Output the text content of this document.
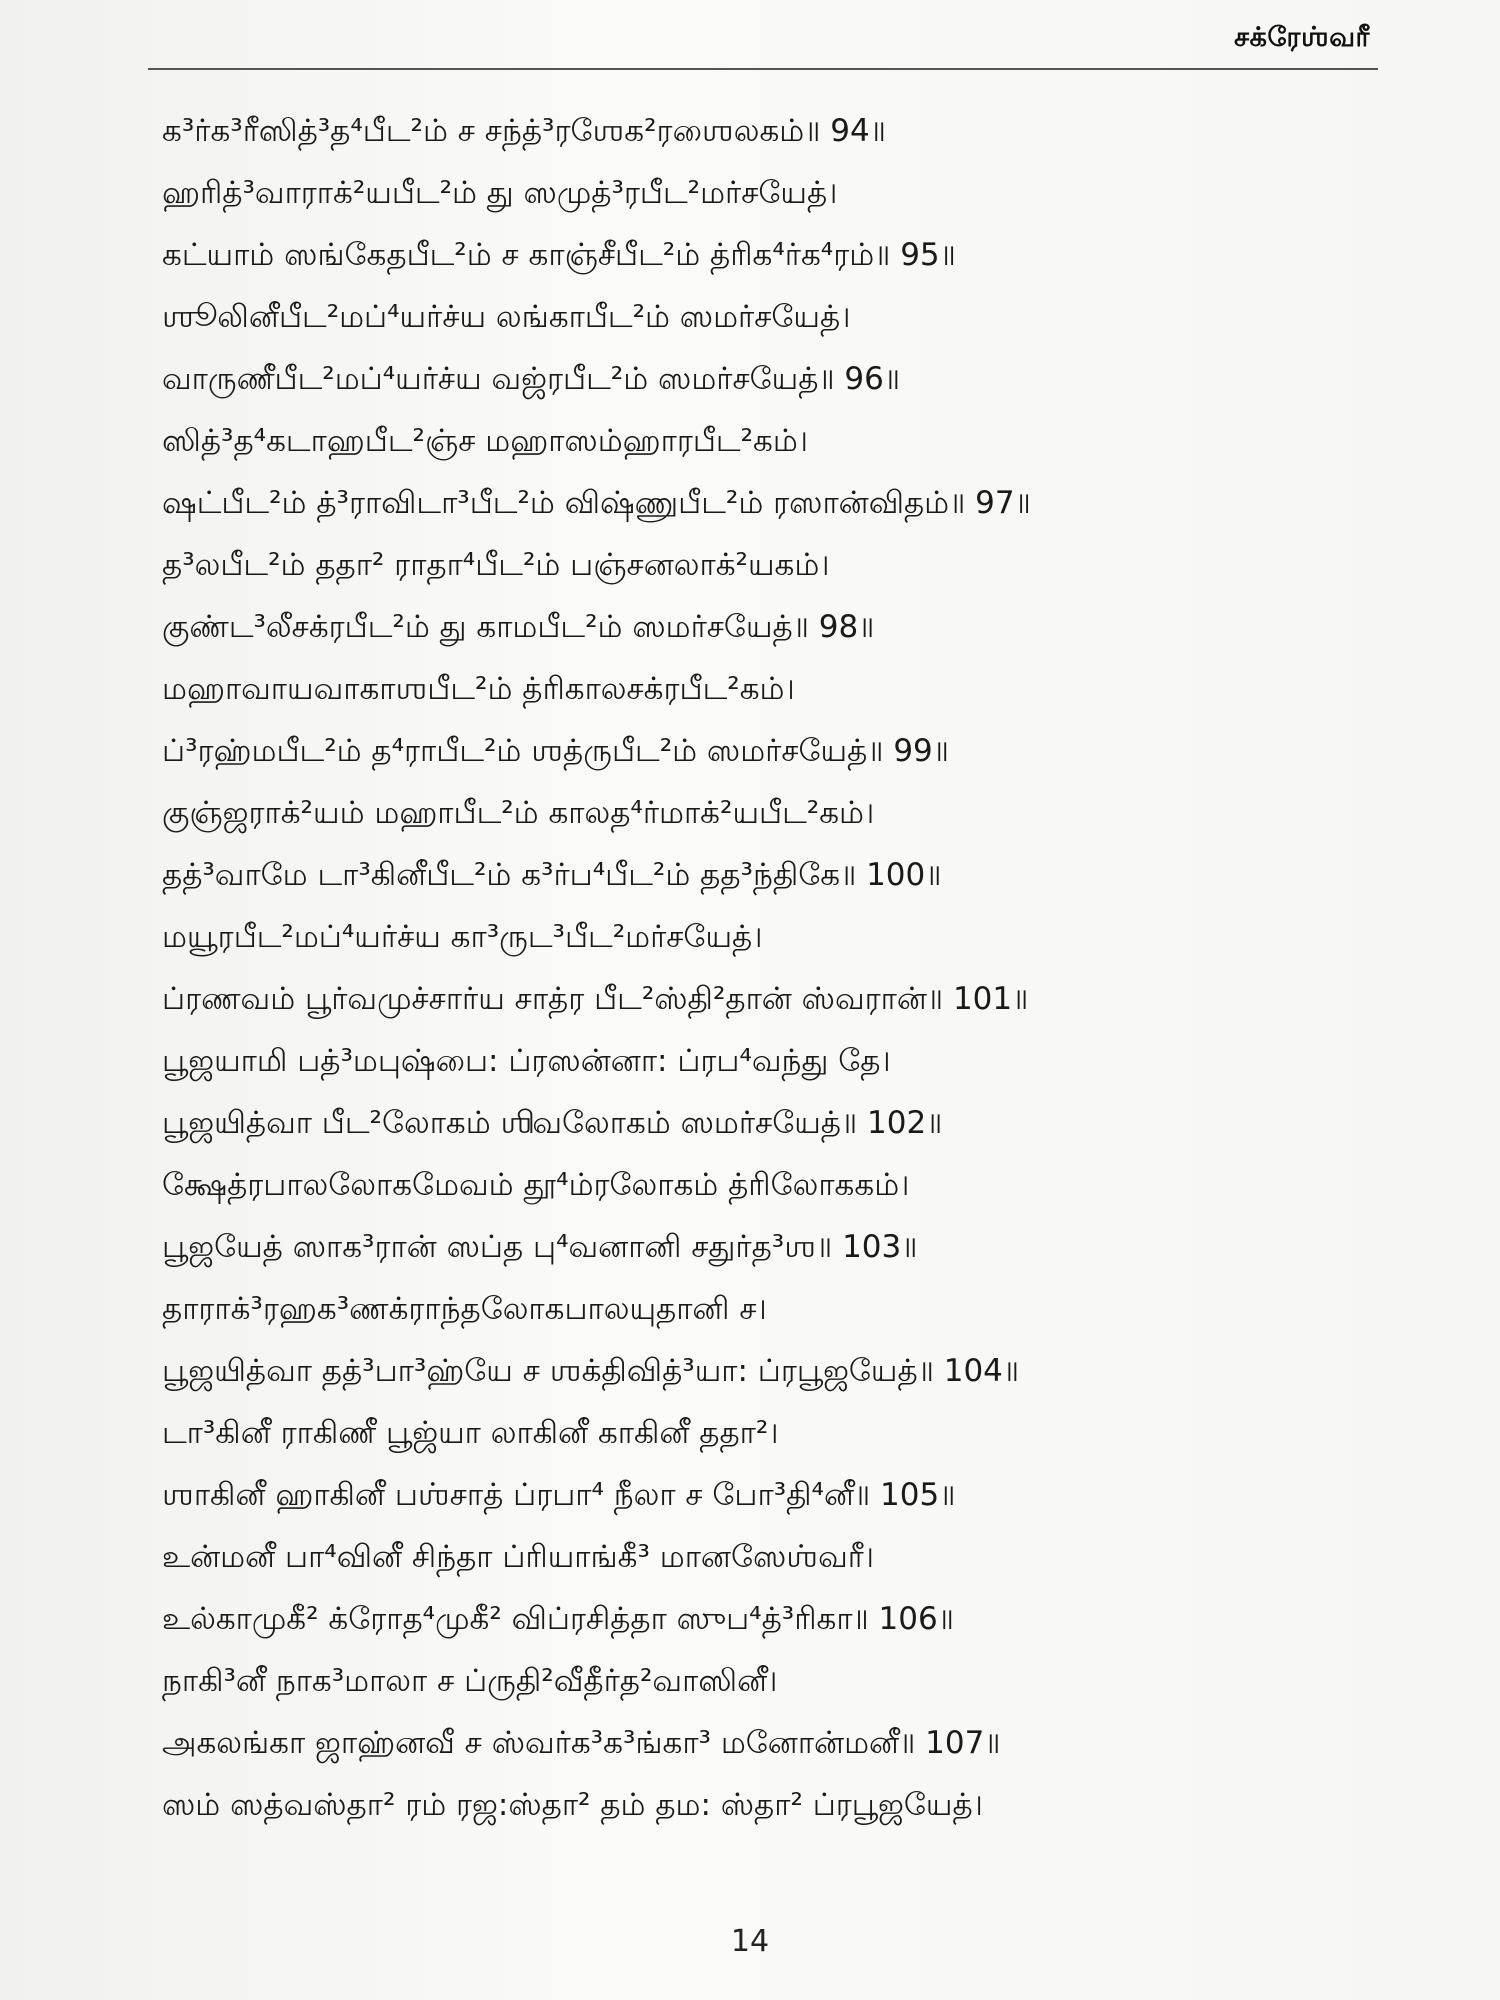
சக்ரேஶ்வரீ
க³ர்க³ரீஸித்³த⁴பீட²ம் ச சந்த்³ரஶேக²ரஶைலகம்॥ 94॥
ஹரித்³வாராக்²யபீட²ம் து ஸமுத்³ரபீட²மர்சயேத்।
கட்யாம் ஸங்கேதபீட²ம் ச காஞ்சீபீட²ம் த்ரிக⁴ர்க⁴ரம்॥ 95॥
ஶூலினீபீட²மப்⁴யர்ச்ய லங்காபீட²ம் ஸமர்சயேத்।
வாருணீபீட²மப்⁴யர்ச்ய வஜ்ரபீட²ம் ஸமர்சயேத்॥ 96॥
ஸித்³த⁴கடாஹபீட²ஞ்ச மஹாஸம்ஹாரபீட²கம்।
ஷட்பீட²ம் த்³ராவிடா³பீட²ம் விஷ்ணுபீட²ம் ரஸான்விதம்॥ 97॥
த³லபீட²ம் ததா² ராதா⁴பீட²ம் பஞ்சனலாக்²யகம்।
குண்ட³லீசக்ரபீட²ம் து காமபீட²ம் ஸமர்சயேத்॥ 98॥
மஹாவாயவாகாஶபீட²ம் த்ரிகாலசக்ரபீட²கம்।
ப்³ரஹ்மபீட²ம் த⁴ராபீட²ம் ஶத்ருபீட²ம் ஸமர்சயேத்॥ 99॥
குஞ்ஜராக்²யம் மஹாபீட²ம் காலத⁴ர்மாக்²யபீட²கம்।
தத்³வாமே டா³கினீபீட²ம் க³ர்ப⁴பீட²ம் தத³ந்திகே॥ 100॥
மயூரபீட²மப்⁴யர்ச்ய கா³ருட³பீட²மர்சயேத்।
ப்ரணவம் பூர்வமுச்சார்ய சாத்ர பீட²ஸ்தி²தான் ஸ்வரான்॥ 101॥
பூஜயாமி பத்³மபுஷ்பை: ப்ரஸன்னா: ப்ரப⁴வந்து தே।
பூஜயித்வா பீட²லோகம் ஶிவலோகம் ஸமர்சயேத்॥ 102॥
க்ஷேத்ரபாலலோகமேவம் தூ⁴ம்ரலோகம் த்ரிலோககம்।
பூஜயேத் ஸாக³ரான் ஸப்த பு⁴வனானி சதுர்த³ஶ॥ 103॥
தாராக்³ரஹக³ணக்ராந்தலோகபாலயுதானி ச।
பூஜயித்வா தத்³பா³ஹ்யே ச ஶக்திவித்³யா: ப்ரபூஜயேத்॥ 104॥
டா³கினீ ராகிணீ பூஜ்யா லாகினீ காகினீ ததா²।
ஶாகினீ ஹாகினீ பஶ்சாத் ப்ரபா⁴ நீலா ச போ³தி⁴னீ॥ 105॥
உன்மனீ பா⁴வினீ சிந்தா ப்ரியாங்கீ³ மானஸேஶ்வரீ।
உல்காமுகீ² க்ரோத⁴முகீ² விப்ரசித்தா ஸுப⁴த்³ரிகா॥ 106॥
நாகி³னீ நாக³மாலா ச ப்ருதி²வீதீர்த²வாஸினீ।
அகலங்கா ஜாஹ்னவீ ச ஸ்வர்க³க³ங்கா³ மனோன்மனீ॥ 107॥
ஸம் ஸத்வஸ்தா² ரம் ரஜ:ஸ்தா² தம் தம: ஸ்தா² ப்ரபூஜயேத்।
14
